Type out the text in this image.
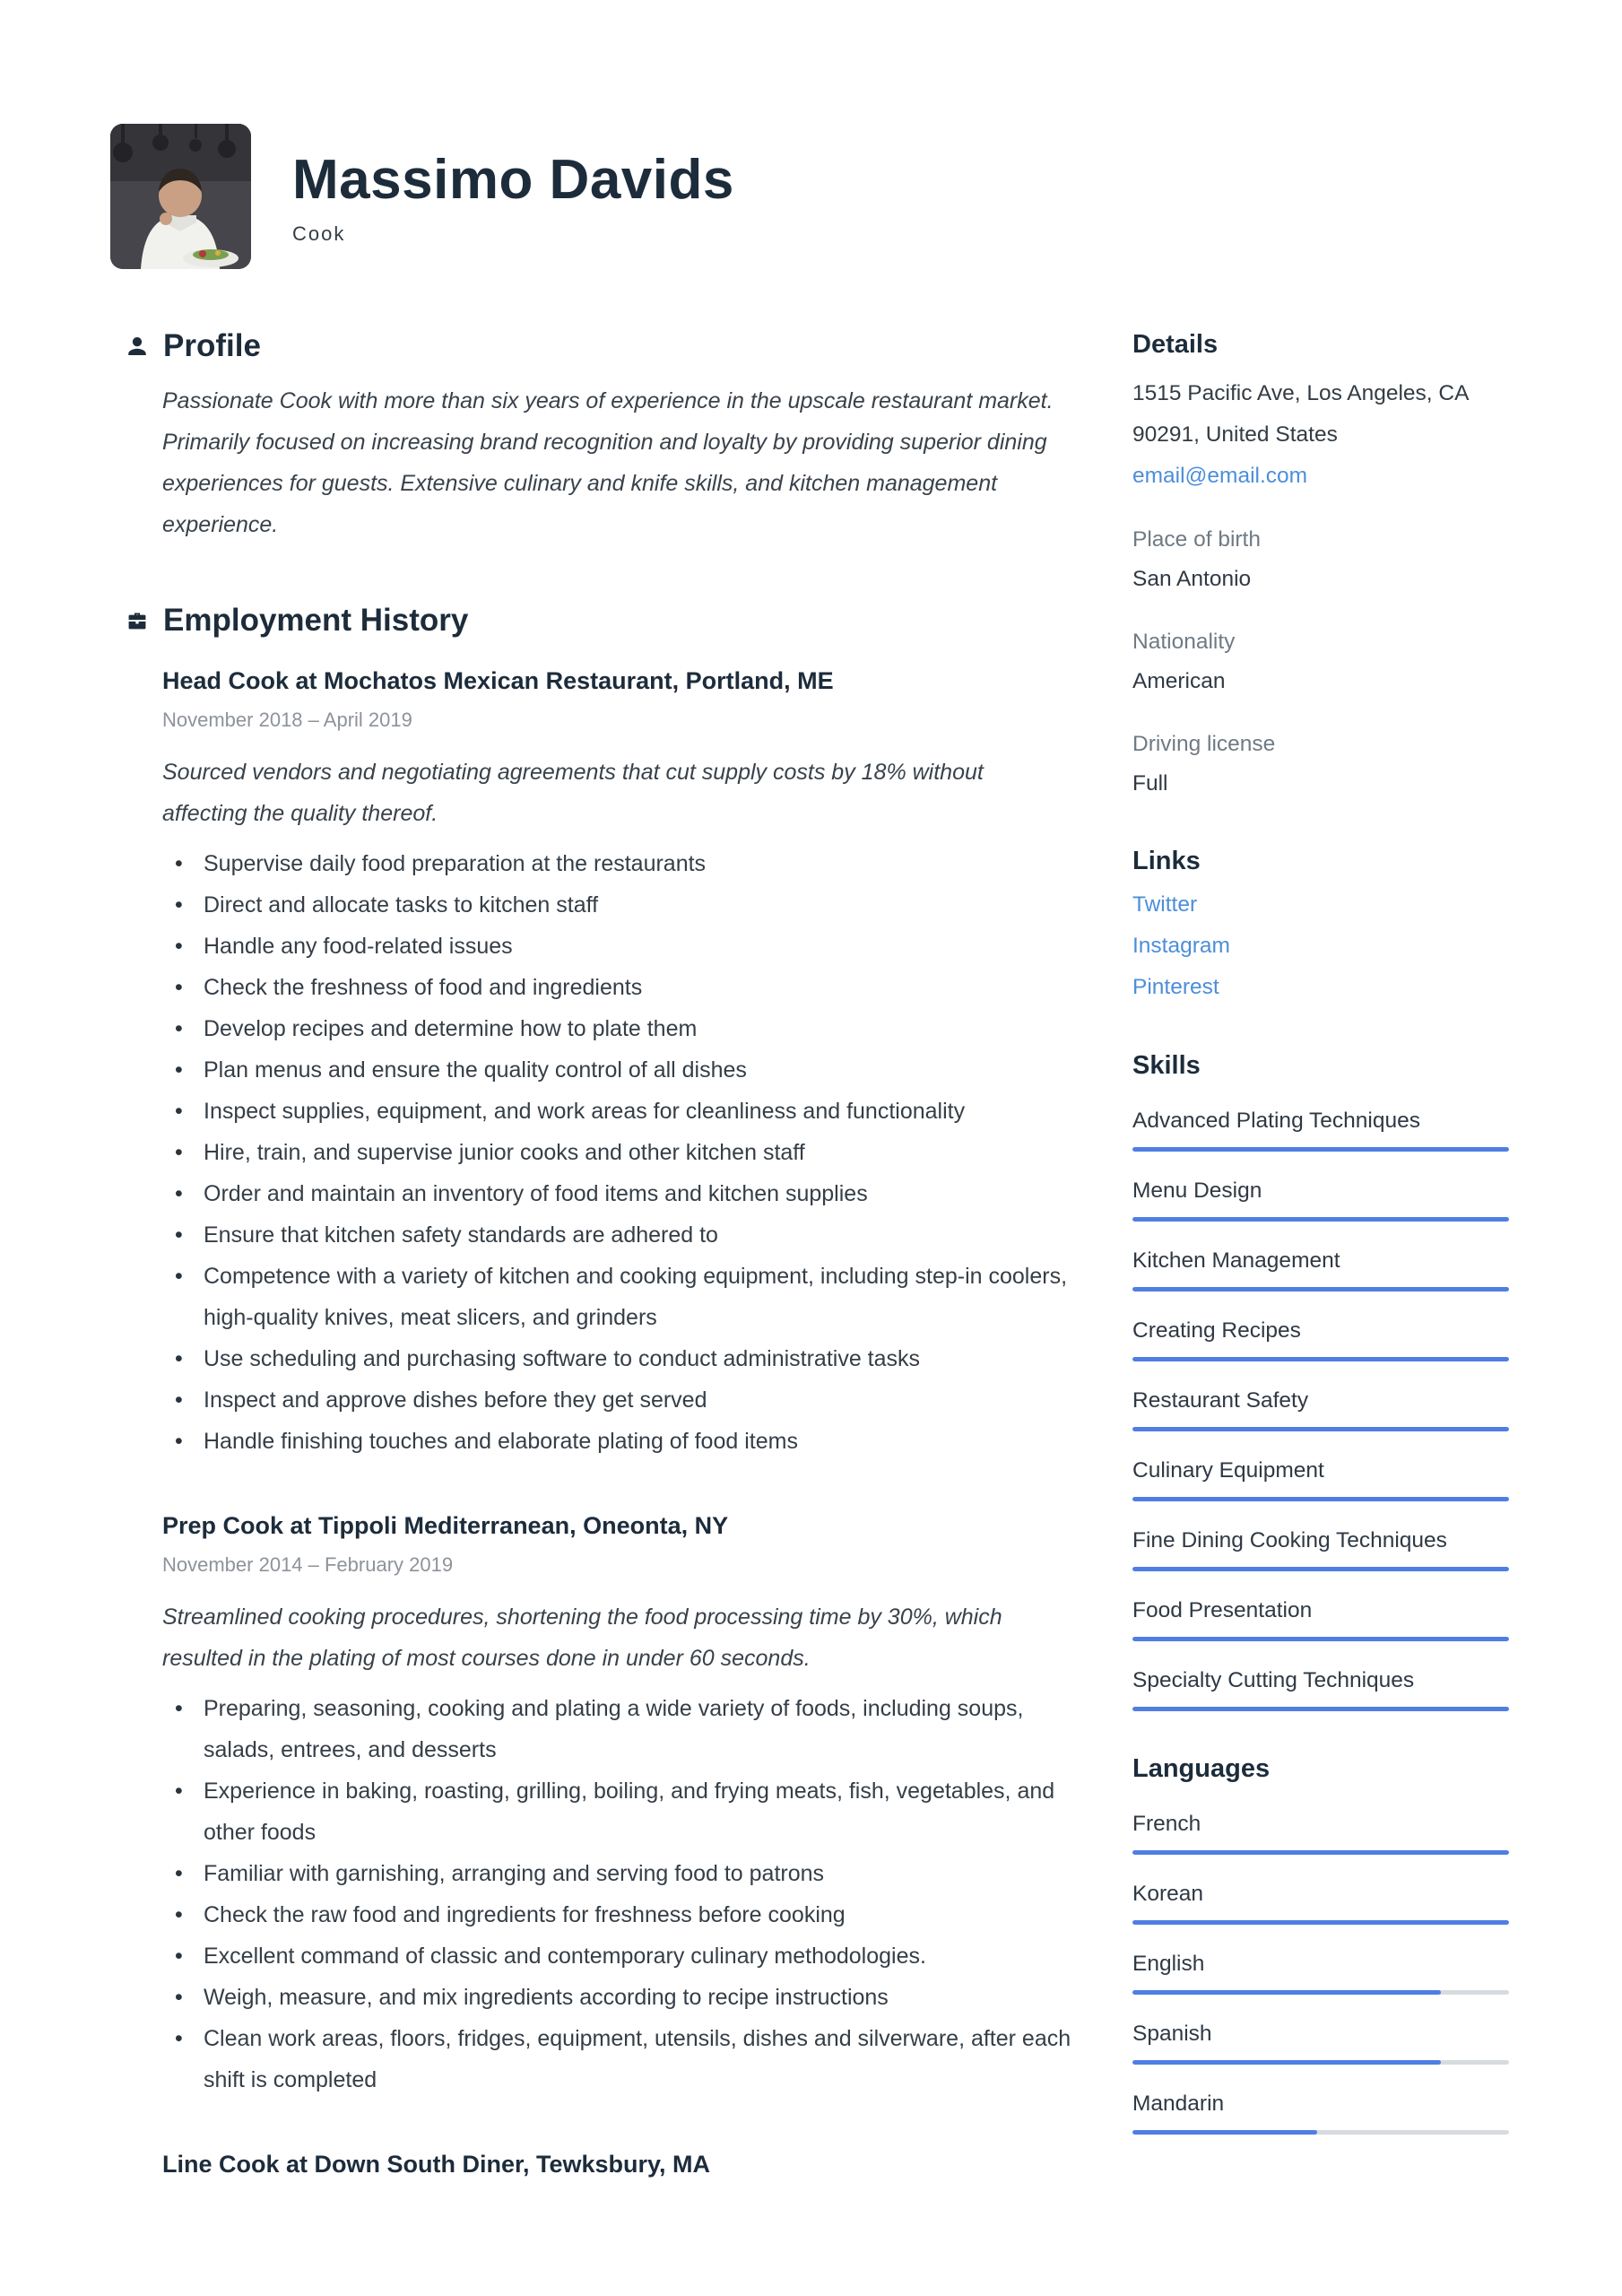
Massimo Davids
Cook
Profile

Passionate Cook with more than six years of experience in the upscale restaurant market. Primarily focused on increasing brand recognition and loyalty by providing superior dining experiences for guests. Extensive culinary and knife skills, and kitchen management experience.

Employment History
Head Cook at Mochatos Mexican Restaurant, Portland, ME
November 2018 – April 2019

Sourced vendors and negotiating agreements that cut supply costs by 18% without affecting the quality thereof.

• Supervise daily food preparation at the restaurants
• Direct and allocate tasks to kitchen staff
• Handle any food-related issues
• Check the freshness of food and ingredients
• Develop recipes and determine how to plate them
• Plan menus and ensure the quality control of all dishes
• Inspect supplies, equipment, and work areas for cleanliness and functionality
• Hire, train, and supervise junior cooks and other kitchen staff
• Order and maintain an inventory of food items and kitchen supplies
• Ensure that kitchen safety standards are adhered to
• Competence with a variety of kitchen and cooking equipment, including step-in coolers, high-quality knives, meat slicers, and grinders
• Use scheduling and purchasing software to conduct administrative tasks
• Inspect and approve dishes before they get served
• Handle finishing touches and elaborate plating of food items
Prep Cook at Tippoli Mediterranean, Oneonta, NY
November 2014 – February 2019

Streamlined cooking procedures, shortening the food processing time by 30%, which resulted in the plating of most courses done in under 60 seconds.

• Preparing, seasoning, cooking and plating a wide variety of foods, including soups, salads, entrees, and desserts
• Experience in baking, roasting, grilling, boiling, and frying meats, fish, vegetables, and other foods
• Familiar with garnishing, arranging and serving food to patrons
• Check the raw food and ingredients for freshness before cooking
• Excellent command of classic and contemporary culinary methodologies.
• Weigh, measure, and mix ingredients according to recipe instructions
• Clean work areas, floors, fridges, equipment, utensils, dishes and silverware, after each shift is completed
Line Cook at Down South Diner, Tewksbury, MA
Details
1515 Pacific Ave, Los Angeles, CA
90291, United States
email@email.com
Place of birth
San Antonio
Nationality
American
Driving license
Full
Links
Twitter
Instagram
Pinterest
Skills
Advanced Plating Techniques
Menu Design
Kitchen Management
Creating Recipes
Restaurant Safety
Culinary Equipment
Fine Dining Cooking Techniques
Food Presentation
Specialty Cutting Techniques
Languages
French
Korean
English
Spanish
Mandarin
